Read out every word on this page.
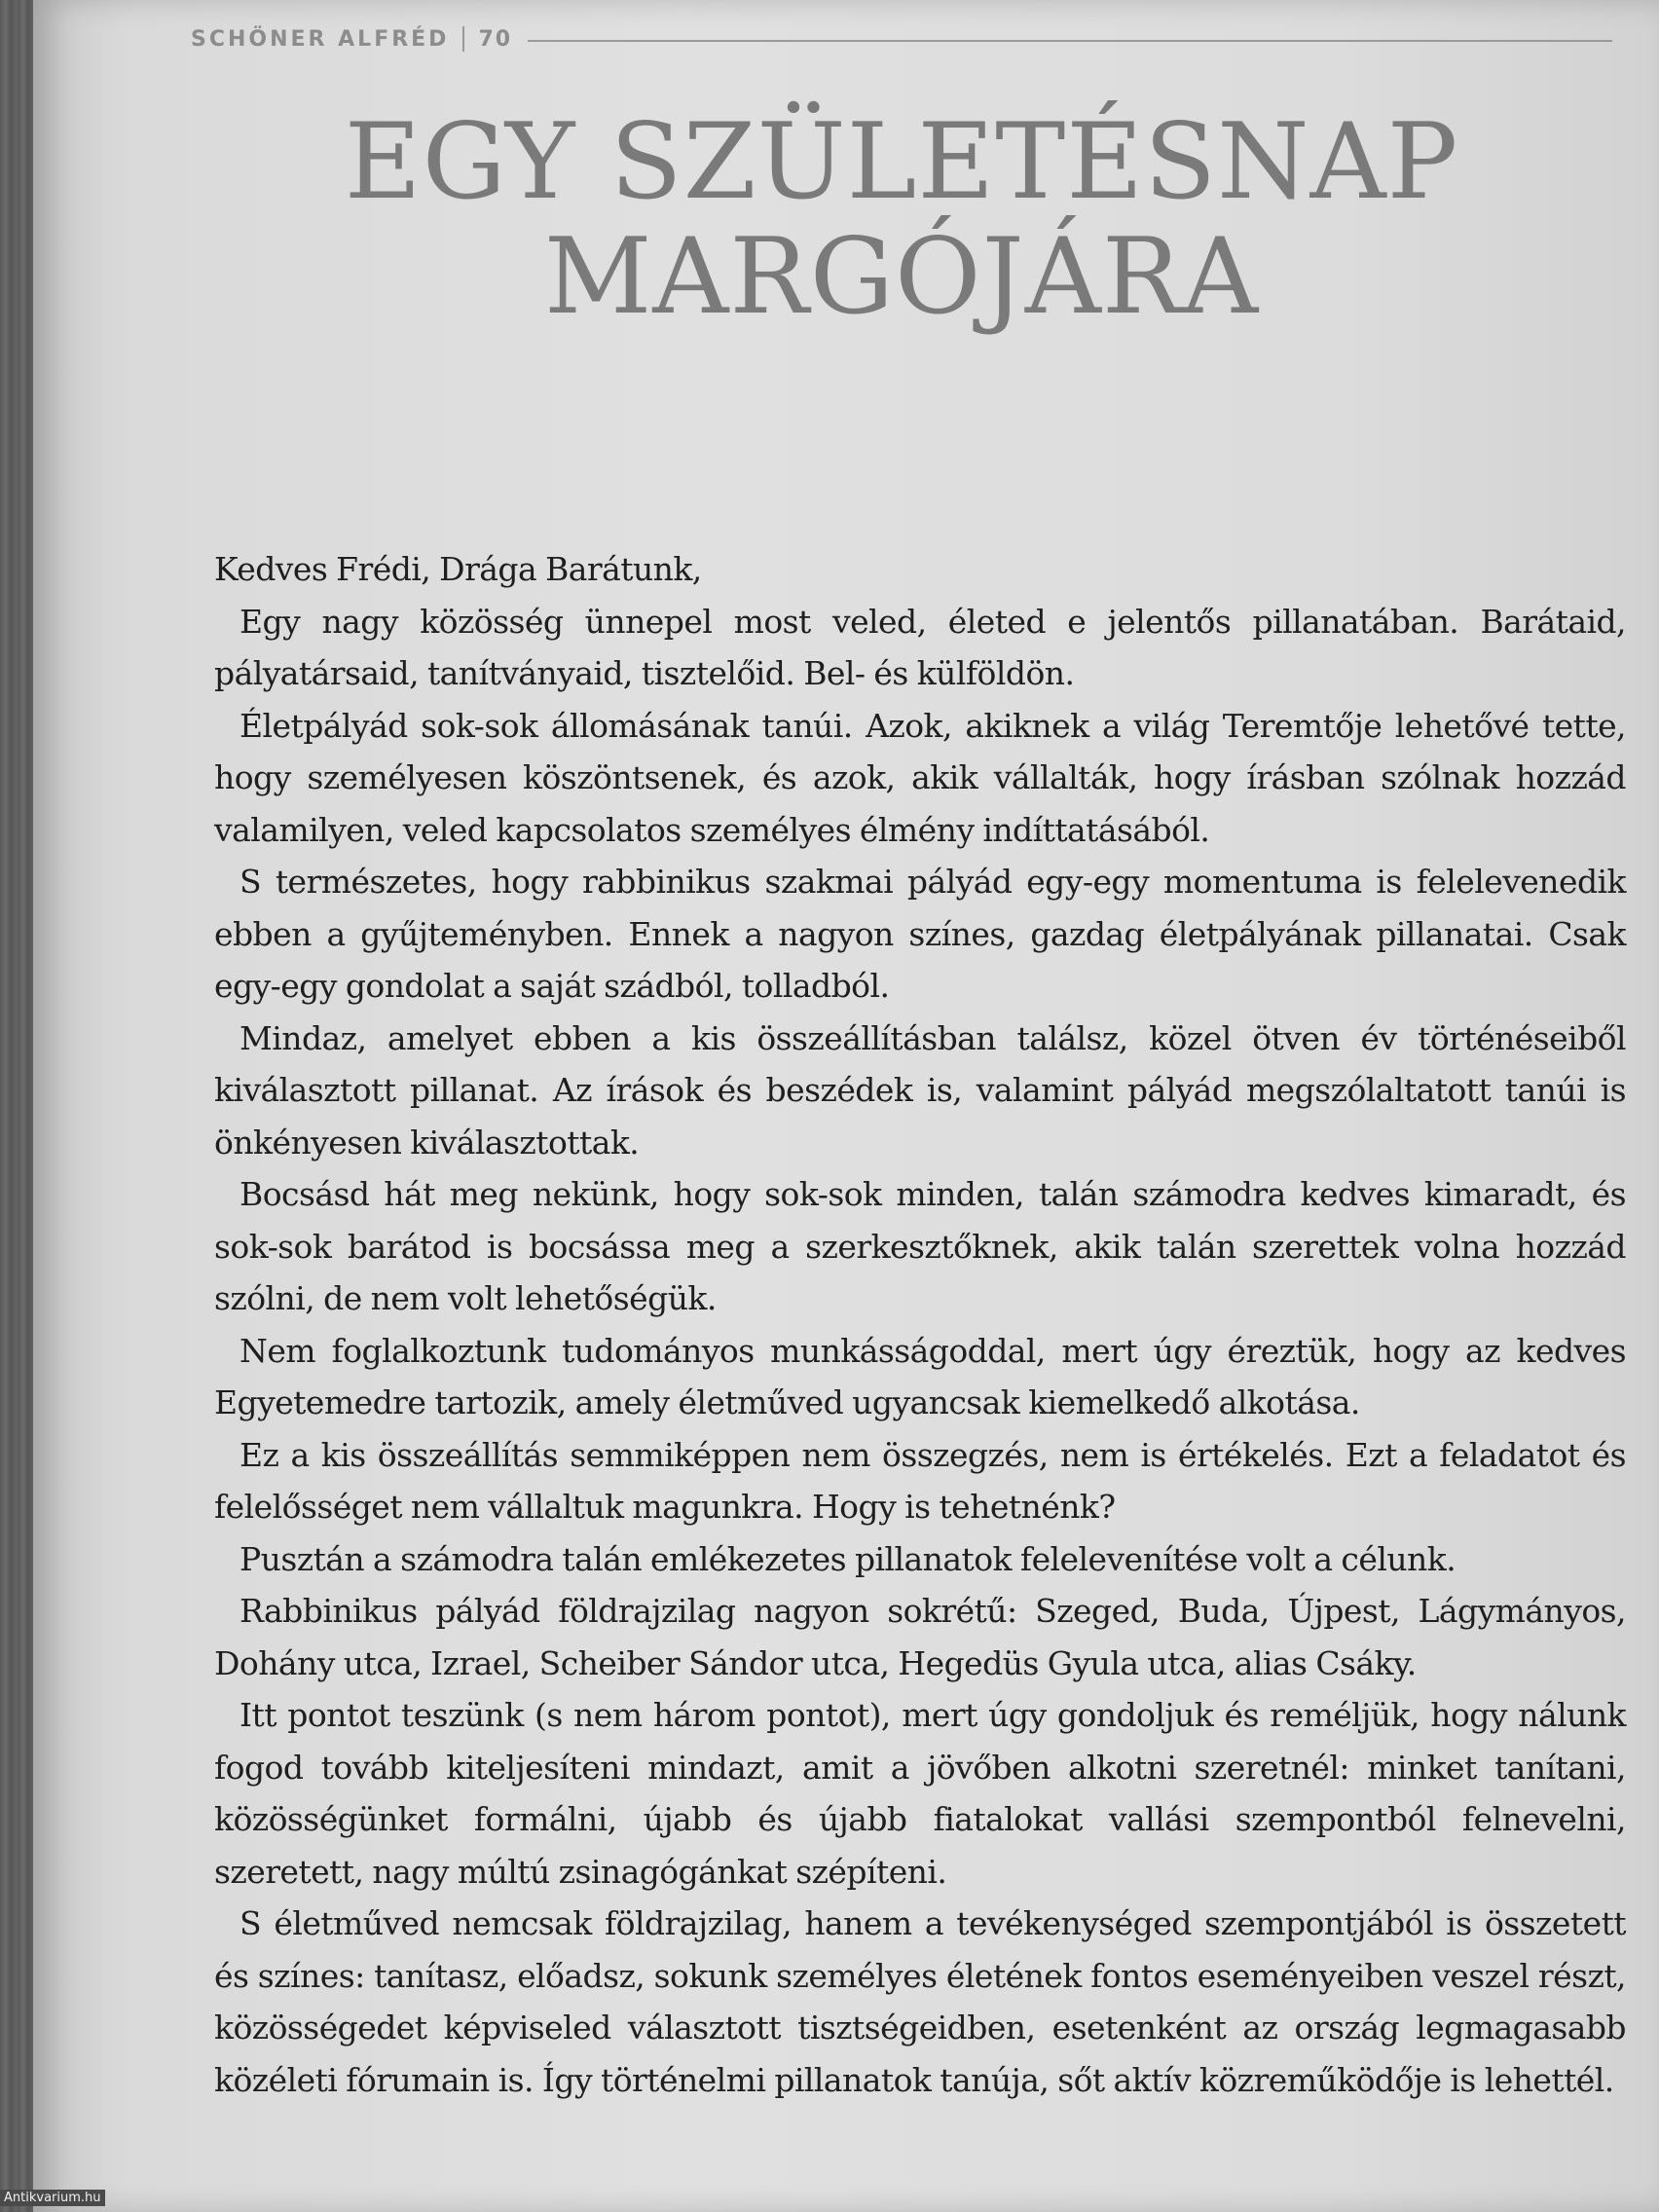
SCHÖNER ALFRÉD 70
EGY SZÜLETÉSNAP
MARGÓJÁRA

Kedves Frédi, Drága Barátunk,

Egy nagy közösség ünnepel most veled, életed e jelentős pillanatában. Barátaid, pályatársaid, tanítványaid, tisztelőid. Bel- és külföldön.

Életpályád sok-sok állomásának tanúi. Azok, akiknek a világ Teremtője lehetővé tette, hogy személyesen köszöntsenek, és azok, akik vállalták, hogy írásban szólnak hozzád valamilyen, veled kapcsolatos személyes élmény indíttatásából.

S természetes, hogy rabbinikus szakmai pályád egy-egy momentuma is felelevenedik ebben a gyűjteményben. Ennek a nagyon színes, gazdag életpályának pillanatai. Csak egy-egy gondolat a saját szádból, tolladból.

Mindaz, amelyet ebben a kis összeállításban találsz, közel ötven év történéseiből kiválasztott pillanat. Az írások és beszédek is, valamint pályád megszólaltatott tanúi is önkényesen kiválasztottak.

Bocsásd hát meg nekünk, hogy sok-sok minden, talán számodra kedves kimaradt, és sok-sok barátod is bocsássa meg a szerkesztőknek, akik talán szerettek volna hozzád szólni, de nem volt lehetőségük.

Nem foglalkoztunk tudományos munkásságoddal, mert úgy éreztük, hogy az kedves Egyetemedre tartozik, amely életműved ugyancsak kiemelkedő alkotása.

Ez a kis összeállítás semmiképpen nem összegzés, nem is értékelés. Ezt a feladatot és felelősséget nem vállaltuk magunkra. Hogy is tehetnénk?

Pusztán a számodra talán emlékezetes pillanatok felelevenítése volt a célunk.

Rabbinikus pályád földrajzilag nagyon sokrétű: Szeged, Buda, Újpest, Lágymányos, Dohány utca, Izrael, Scheiber Sándor utca, Hegedüs Gyula utca, alias Csáky.

Itt pontot teszünk (s nem három pontot), mert úgy gondoljuk és reméljük, hogy nálunk fogod tovább kiteljesíteni mindazt, amit a jövőben alkotni szeretnél: minket tanítani, közösségünket formálni, újabb és újabb fiatalokat vallási szempontból felnevelni, szeretett, nagy múltú zsinagógánkat szépíteni.

S életműved nemcsak földrajzilag, hanem a tevékenységed szempontjából is összetett és színes: tanítasz, előadsz, sokunk személyes életének fontos eseményeiben veszel részt, közösségedet képviseled választott tisztségeidben, esetenként az ország legmagasabb közéleti fórumain is. Így történelmi pillanatok tanúja, sőt aktív közreműködője is lehettél.

Antikvarium.hu
